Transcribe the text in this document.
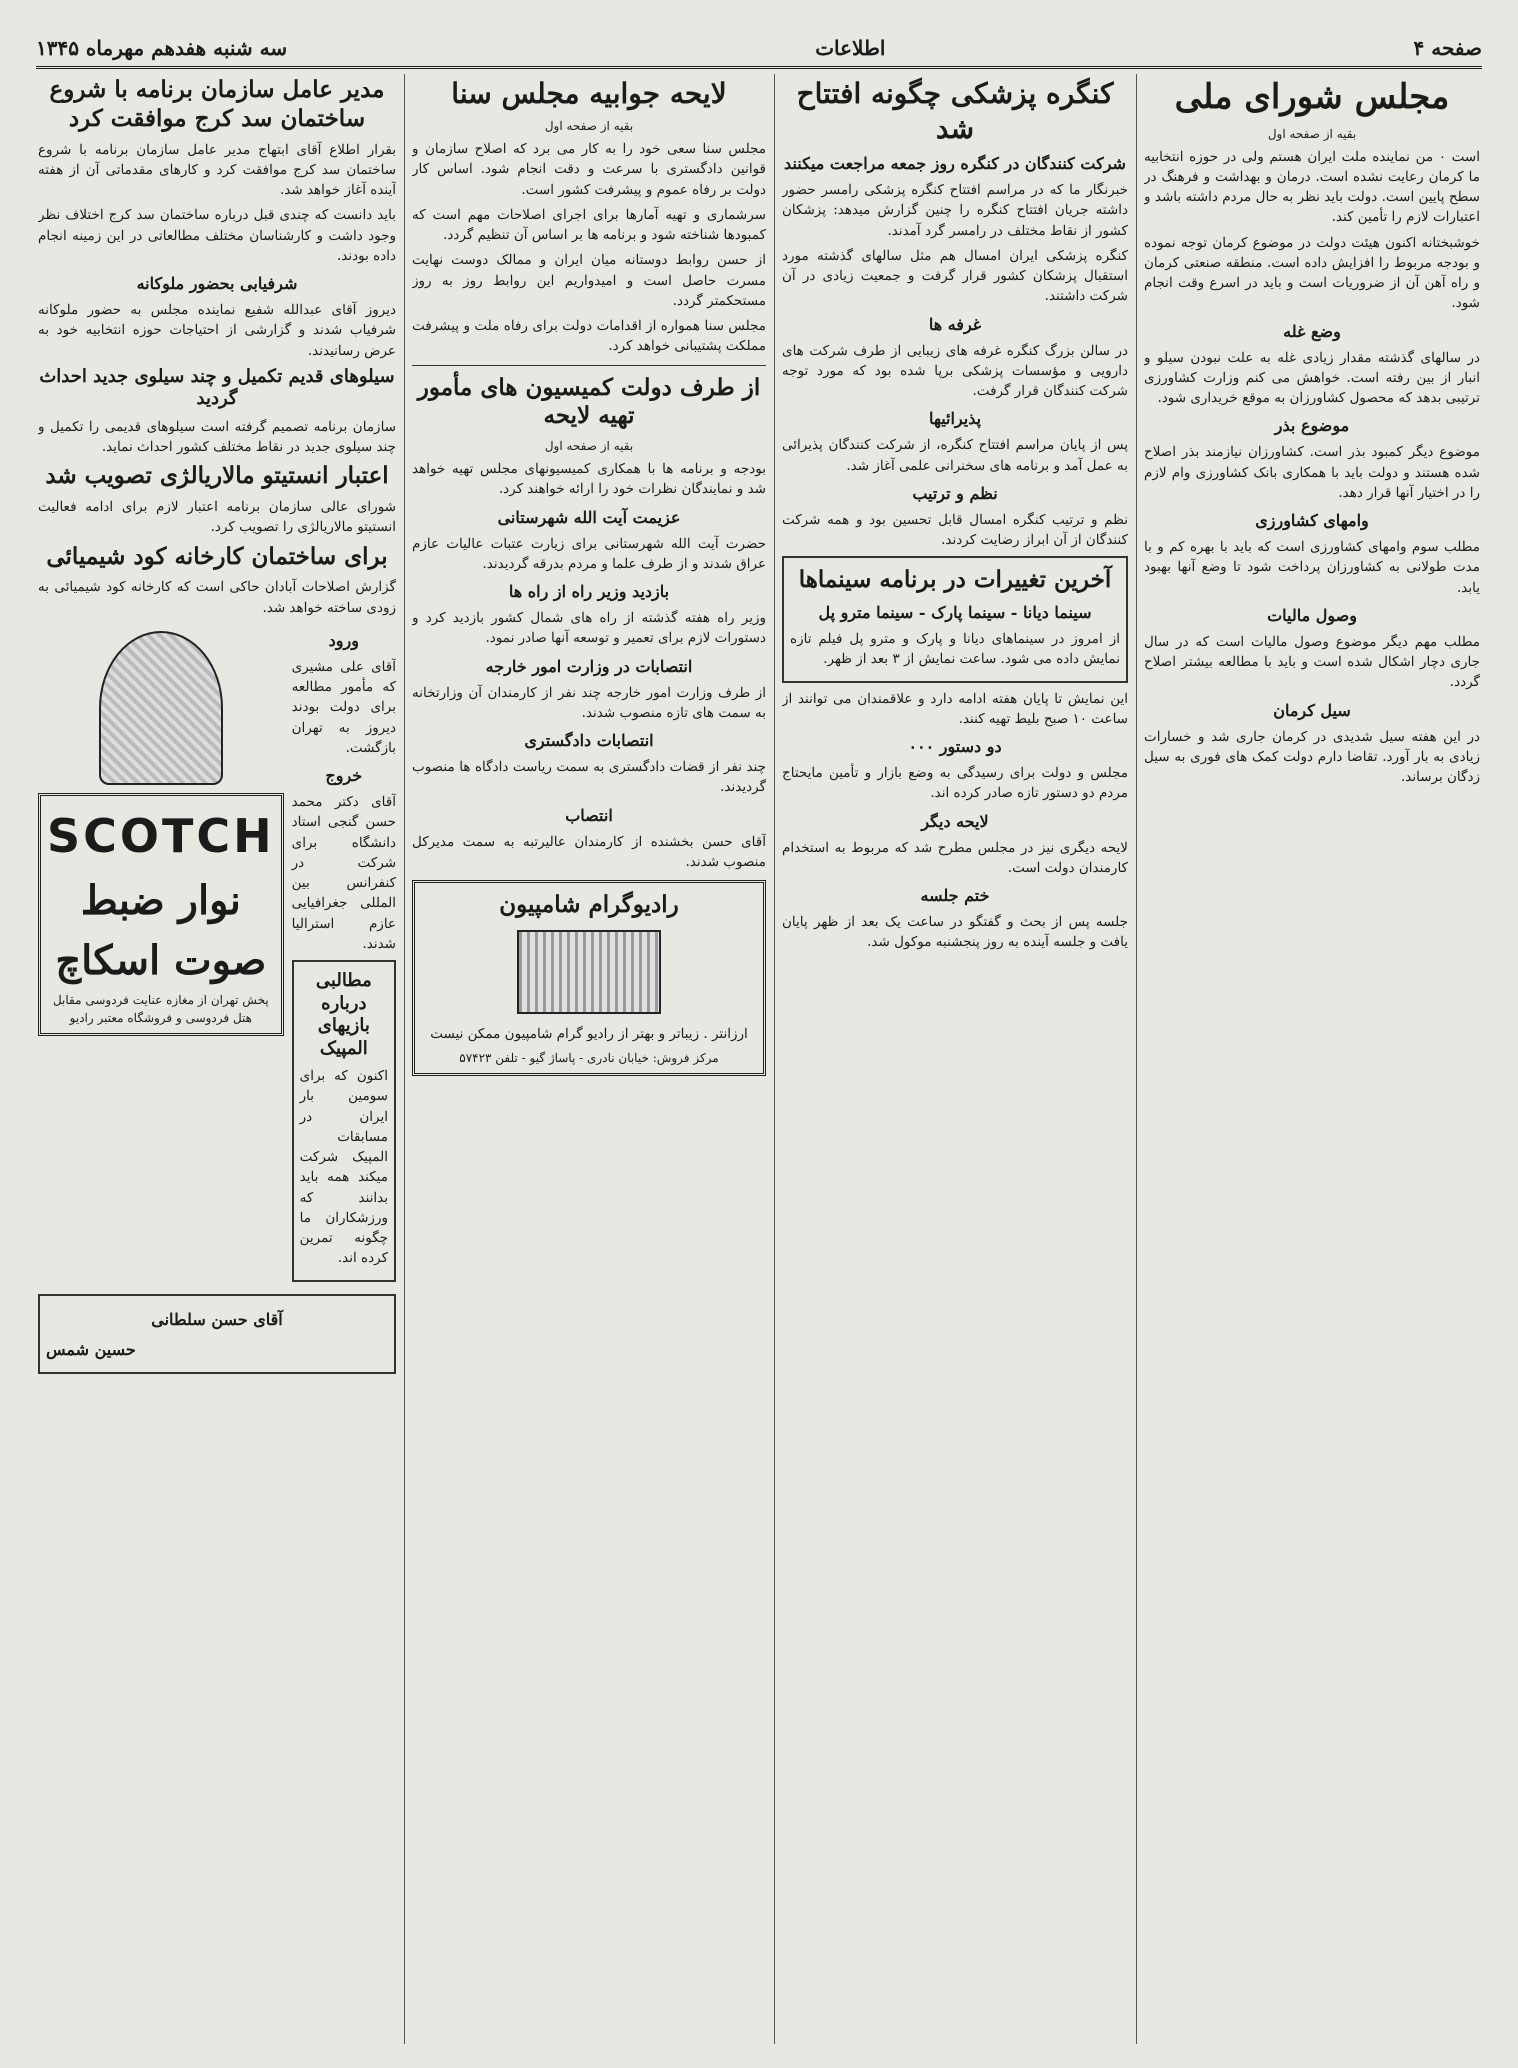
صفحه ۴
اطلاعات
سه شنبه هفدهم مهرماه ۱۳۴۵
مجلس شورای ملی
بقیه از صفحه اول

است ۰ من نماینده ملت ایران هستم ولی در حوزه انتخابیه ما کرمان رعایت نشده است. درمان و بهداشت و فرهنگ در سطح پایین است. دولت باید نظر به حال مردم داشته باشد و اعتبارات لازم را تأمین کند.

خوشبختانه اکنون هیئت دولت در موضوع کرمان توجه نموده و بودجه مربوط را افزایش داده است. منطقه صنعتی کرمان و راه آهن آن از ضروریات است و باید در اسرع وقت انجام شود.

وضع غله

در سالهای گذشته مقدار زیادی غله به علت نبودن سیلو و انبار از بین رفته است. خواهش می کنم وزارت کشاورزی ترتیبی بدهد که محصول کشاورزان به موقع خریداری شود.

موضوع بذر

موضوع دیگر کمبود بذر است. کشاورزان نیازمند بذر اصلاح شده هستند و دولت باید با همکاری بانک کشاورزی وام لازم را در اختیار آنها قرار دهد.

وامهای کشاورزی

مطلب سوم وامهای کشاورزی است که باید با بهره کم و با مدت طولانی به کشاورزان پرداخت شود تا وضع آنها بهبود یابد.

وصول مالیات

مطلب مهم دیگر موضوع وصول مالیات است که در سال جاری دچار اشکال شده است و باید با مطالعه بیشتر اصلاح گردد.

سیل کرمان

در این هفته سیل شدیدی در کرمان جاری شد و خسارات زیادی به بار آورد. تقاضا دارم دولت کمک های فوری به سیل زدگان برساند.

کنگره پزشکی چگونه افتتاح شد
شرکت کنندگان در کنگره روز جمعه مراجعت میکنند

خبرنگار ما که در مراسم افتتاح کنگره پزشکی رامسر حضور داشته جریان افتتاح کنگره را چنین گزارش میدهد: پزشکان کشور از نقاط مختلف در رامسر گرد آمدند.

کنگره پزشکی ایران امسال هم مثل سالهای گذشته مورد استقبال پزشکان کشور قرار گرفت و جمعیت زیادی در آن شرکت داشتند.

غرفه ها

در سالن بزرگ کنگره غرفه های زیبایی از طرف شرکت های دارویی و مؤسسات پزشکی برپا شده بود که مورد توجه شرکت کنندگان قرار گرفت.

پذیرائیها

پس از پایان مراسم افتتاح کنگره، از شرکت کنندگان پذیرائی به عمل آمد و برنامه های سخنرانی علمی آغاز شد.

نظم و ترتیب

نظم و ترتیب کنگره امسال قابل تحسین بود و همه شرکت کنندگان از آن ابراز رضایت کردند.

آخرین تغییرات در برنامه سینماها
سینما دیانا - سینما پارک - سینما مترو پل

از امروز در سینماهای دیانا و پارک و مترو پل فیلم تازه نمایش داده می شود. ساعت نمایش از ۳ بعد از ظهر.

این نمایش تا پایان هفته ادامه دارد و علاقمندان می توانند از ساعت ۱۰ صبح بلیط تهیه کنند.

دو دستور ۰۰۰

مجلس و دولت برای رسیدگی به وضع بازار و تأمین مایحتاج مردم دو دستور تازه صادر کرده اند.

لایحه دیگر

لایحه دیگری نیز در مجلس مطرح شد که مربوط به استخدام کارمندان دولت است.

ختم جلسه

جلسه پس از بحث و گفتگو در ساعت یک بعد از ظهر پایان یافت و جلسه آینده به روز پنجشنبه موکول شد.

لایحه جوابیه مجلس سنا
بقیه از صفحه اول

مجلس سنا سعی خود را به کار می برد که اصلاح سازمان و قوانین دادگستری با سرعت و دقت انجام شود. اساس کار دولت بر رفاه عموم و پیشرفت کشور است.

سرشماری و تهیه آمارها برای اجرای اصلاحات مهم است که کمبودها شناخته شود و برنامه ها بر اساس آن تنظیم گردد.

از حسن روابط دوستانه میان ایران و ممالک دوست نهایت مسرت حاصل است و امیدواریم این روابط روز به روز مستحکمتر گردد.

مجلس سنا همواره از اقدامات دولت برای رفاه ملت و پیشرفت مملکت پشتیبانی خواهد کرد.

از طرف دولت کمیسیون های مأمور تهیه لایحه
بقیه از صفحه اول

بودجه و برنامه ها با همکاری کمیسیونهای مجلس تهیه خواهد شد و نمایندگان نظرات خود را ارائه خواهند کرد.

عزیمت آیت الله شهرستانی

حضرت آیت الله شهرستانی برای زیارت عتبات عالیات عازم عراق شدند و از طرف علما و مردم بدرقه گردیدند.

بازدید وزیر راه از راه ها

وزیر راه هفته گذشته از راه های شمال کشور بازدید کرد و دستورات لازم برای تعمیر و توسعه آنها صادر نمود.

انتصابات در وزارت امور خارجه

از طرف وزارت امور خارجه چند نفر از کارمندان آن وزارتخانه به سمت های تازه منصوب شدند.

انتصابات دادگستری

چند نفر از قضات دادگستری به سمت ریاست دادگاه ها منصوب گردیدند.

انتصاب

آقای حسن بخشنده از کارمندان عالیرتبه به سمت مدیرکل منصوب شدند.

رادیوگرام شامپیون

ارزانتر . زیباتر و بهتر از رادیو گرام شامپیون ممکن نیست

مرکز فروش: خیابان نادری - پاساژ گیو - تلفن ۵۷۴۲۳
مدیر عامل سازمان برنامه با شروع ساختمان سد کرج موافقت کرد

بقرار اطلاع آقای ابتهاج مدیر عامل سازمان برنامه با شروع ساختمان سد کرج موافقت کرد و کارهای مقدماتی آن از هفته آینده آغاز خواهد شد.

باید دانست که چندی قبل درباره ساختمان سد کرج اختلاف نظر وجود داشت و کارشناسان مختلف مطالعاتی در این زمینه انجام داده بودند.

شرفیابی بحضور ملوکانه

دیروز آقای عبدالله شفیع نماینده مجلس به حضور ملوکانه شرفیاب شدند و گزارشی از احتیاجات حوزه انتخابیه خود به عرض رسانیدند.

سیلوهای قدیم تکمیل و چند سیلوی جدید احداث گردید

سازمان برنامه تصمیم گرفته است سیلوهای قدیمی را تکمیل و چند سیلوی جدید در نقاط مختلف کشور احداث نماید.

اعتبار انستیتو مالاریالژی تصویب شد

شورای عالی سازمان برنامه اعتبار لازم برای ادامه فعالیت انستیتو مالاریالژی را تصویب کرد.

برای ساختمان کارخانه کود شیمیائی

گزارش اصلاحات آبادان حاکی است که کارخانه کود شیمیائی به زودی ساخته خواهد شد.

ورود

آقای علی مشیری که مأمور مطالعه برای دولت بودند دیروز به تهران بازگشت.

خروج

آقای دکتر محمد حسن گنجی استاد دانشگاه برای شرکت در کنفرانس بین المللی جغرافیایی عازم استرالیا شدند.

مطالبی درباره بازیهای المپیک

اکنون که برای سومین بار ایران در مسابقات المپیک شرکت میکند همه باید بدانند که ورزشکاران ما چگونه تمرین کرده اند.

SCOTCH
نوار ضبط صوت اسکاچ
پخش تهران از مغازه عنایت فردوسی مقابل هتل فردوسی و فروشگاه معتبر رادیو
آقای حسن سلطانی
حسین شمس
